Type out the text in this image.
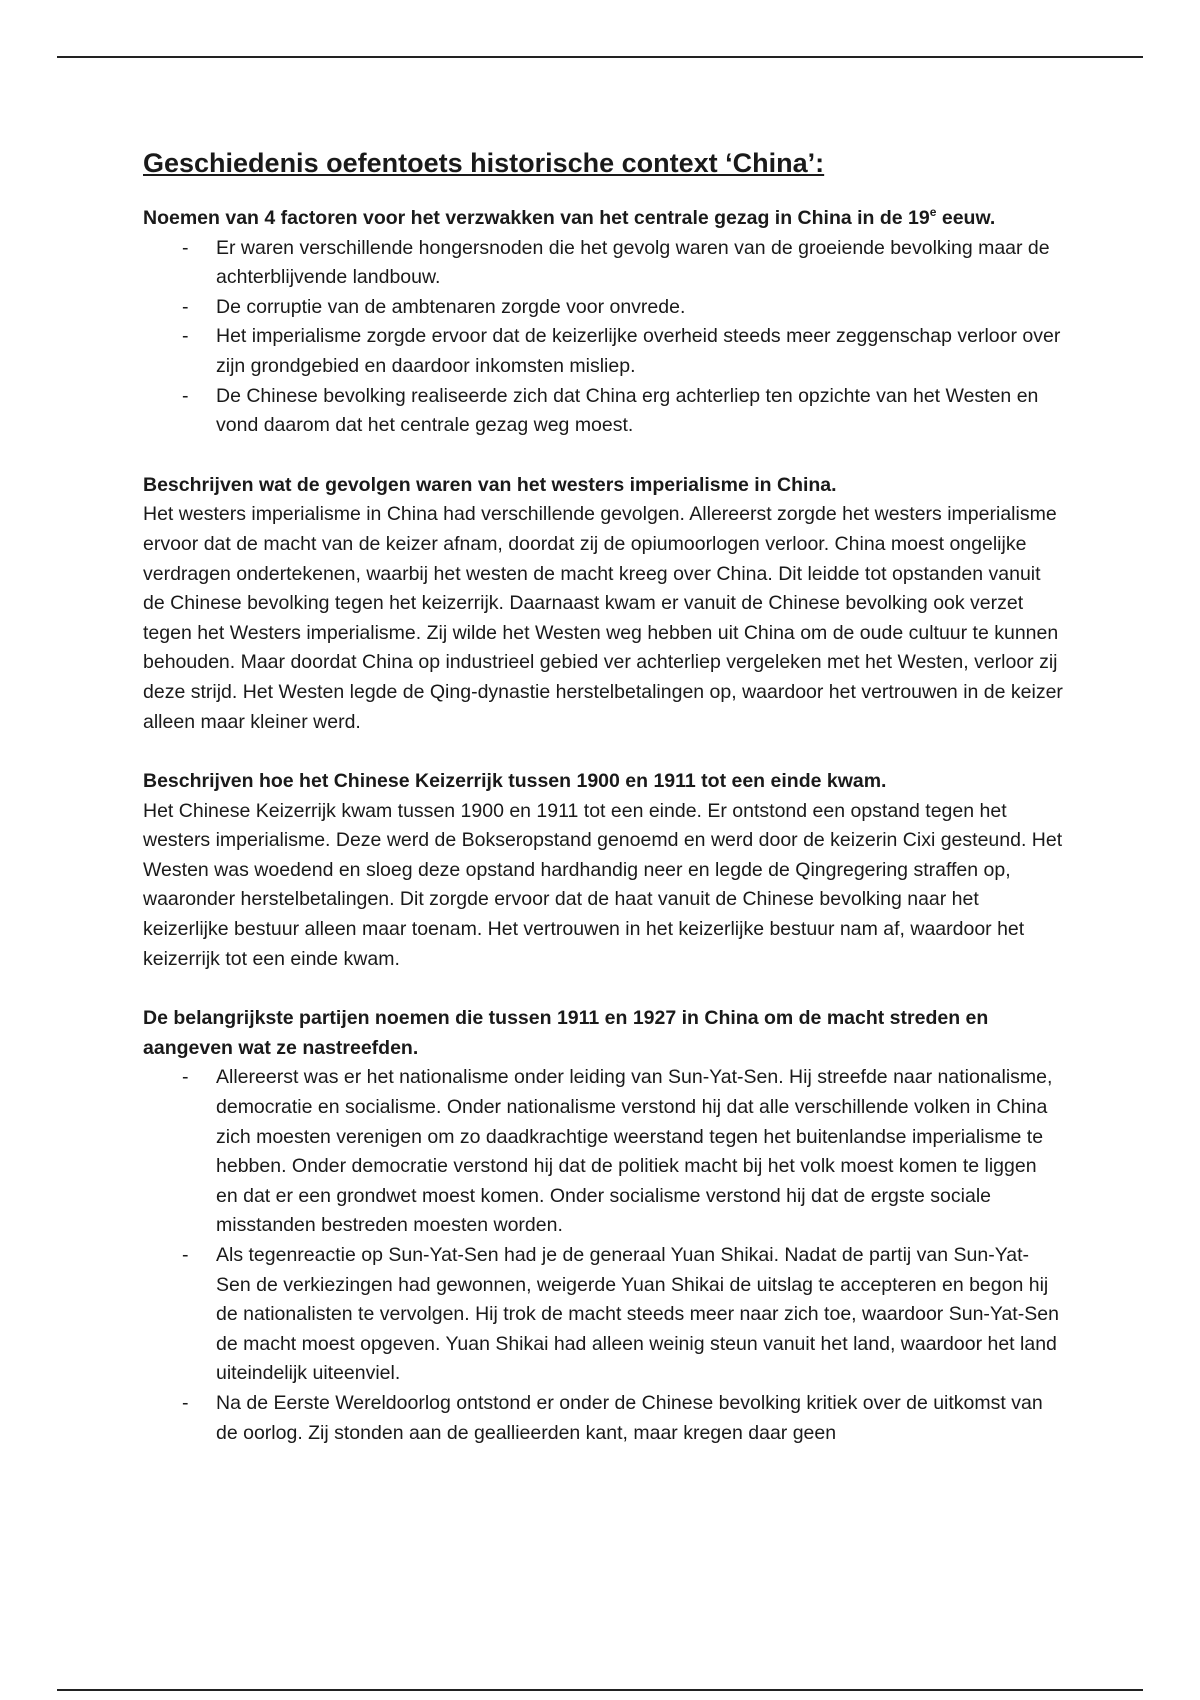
Geschiedenis oefentoets historische context ‘China’:

Noemen van 4 factoren voor het verzwakken van het centrale gezag in China in de 19e eeuw.

- Er waren verschillende hongersnoden die het gevolg waren van de groeiende bevolking maar de achterblijvende landbouw.
- De corruptie van de ambtenaren zorgde voor onvrede.
- Het imperialisme zorgde ervoor dat de keizerlijke overheid steeds meer zeggenschap verloor over zijn grondgebied en daardoor inkomsten misliep.
- De Chinese bevolking realiseerde zich dat China erg achterliep ten opzichte van het Westen en vond daarom dat het centrale gezag weg moest.

Beschrijven wat de gevolgen waren van het westers imperialisme in China.

Het westers imperialisme in China had verschillende gevolgen. Allereerst zorgde het westers imperialisme ervoor dat de macht van de keizer afnam, doordat zij de opiumoorlogen verloor. China moest ongelijke verdragen ondertekenen, waarbij het westen de macht kreeg over China. Dit leidde tot opstanden vanuit de Chinese bevolking tegen het keizerrijk. Daarnaast kwam er vanuit de Chinese bevolking ook verzet tegen het Westers imperialisme. Zij wilde het Westen weg hebben uit China om de oude cultuur te kunnen behouden. Maar doordat China op industrieel gebied ver achterliep vergeleken met het Westen, verloor zij deze strijd. Het Westen legde de Qing-dynastie herstelbetalingen op, waardoor het vertrouwen in de keizer alleen maar kleiner werd.

Beschrijven hoe het Chinese Keizerrijk tussen 1900 en 1911 tot een einde kwam.

Het Chinese Keizerrijk kwam tussen 1900 en 1911 tot een einde. Er ontstond een opstand tegen het westers imperialisme. Deze werd de Bokseropstand genoemd en werd door de keizerin Cixi gesteund. Het Westen was woedend en sloeg deze opstand hardhandig neer en legde de Qingregering straffen op, waaronder herstelbetalingen. Dit zorgde ervoor dat de haat vanuit de Chinese bevolking naar het keizerlijke bestuur alleen maar toenam. Het vertrouwen in het keizerlijke bestuur nam af, waardoor het keizerrijk tot een einde kwam.

De belangrijkste partijen noemen die tussen 1911 en 1927 in China om de macht streden en aangeven wat ze nastreefden.

- Allereerst was er het nationalisme onder leiding van Sun-Yat-Sen. Hij streefde naar nationalisme, democratie en socialisme. Onder nationalisme verstond hij dat alle verschillende volken in China zich moesten verenigen om zo daadkrachtige weerstand tegen het buitenlandse imperialisme te hebben. Onder democratie verstond hij dat de politiek macht bij het volk moest komen te liggen en dat er een grondwet moest komen. Onder socialisme verstond hij dat de ergste sociale misstanden bestreden moesten worden.
- Als tegenreactie op Sun-Yat-Sen had je de generaal Yuan Shikai. Nadat de partij van Sun-Yat-Sen de verkiezingen had gewonnen, weigerde Yuan Shikai de uitslag te accepteren en begon hij de nationalisten te vervolgen. Hij trok de macht steeds meer naar zich toe, waardoor Sun-Yat-Sen de macht moest opgeven. Yuan Shikai had alleen weinig steun vanuit het land, waardoor het land uiteindelijk uiteenviel.
- Na de Eerste Wereldoorlog ontstond er onder de Chinese bevolking kritiek over de uitkomst van de oorlog. Zij stonden aan de geallieerden kant, maar kregen daar geen
